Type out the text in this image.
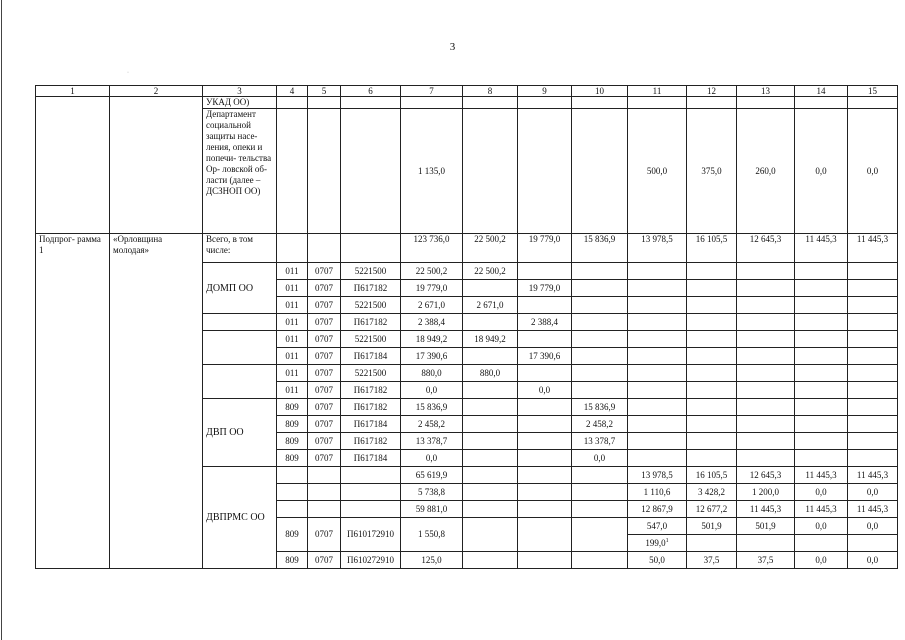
3
·
1	2	3	4	5	6	7	8	9	10	11	12	13	14	15
		УКАД ОО)												
		Департамент социальной защиты насе- ления, опеки и попечи- тельства Ор- ловской об- ласти (далее – ДСЗНОП ОО)				1 135,0				500,0	375,0	260,0	0,0	0,0
Подпрог- рамма 1	«Орловщина молодая»	Всего, в том числе:				123 736,0	22 500,2	19 779,0	15 836,9	13 978,5	16 105,5	12 645,3	11 445,3	11 445,3
		ДОМП ОО	011	0707	5221500	22 500,2	22 500,2							
			011	0707	П617182	19 779,0		19 779,0						
			011	0707	5221500	2 671,0	2 671,0							
			011	0707	П617182	2 388,4		2 388,4						
			011	0707	5221500	18 949,2	18 949,2							
			011	0707	П617184	17 390,6		17 390,6						
			011	0707	5221500	880,0	880,0							
			011	0707	П617182	0,0		0,0						
		ДВП ОО	809	0707	П617182	15 836,9			15 836,9					
			809	0707	П617184	2 458,2			2 458,2					
			809	0707	П617182	13 378,7			13 378,7					
			809	0707	П617184	0,0			0,0					
		ДВПРМС ОО				65 619,9				13 978,5	16 105,5	12 645,3	11 445,3	11 445,3
						5 738,8				1 110,6	3 428,2	1 200,0	0,0	0,0
						59 881,0				12 867,9	12 677,2	11 445,3	11 445,3	11 445,3
			809	0707	П610172910	1 550,8				547,0	501,9	501,9	0,0	0,0
										199,0$^1$				
			809	0707	П610272910	125,0				50,0	37,5	37,5	0,0	0,0
